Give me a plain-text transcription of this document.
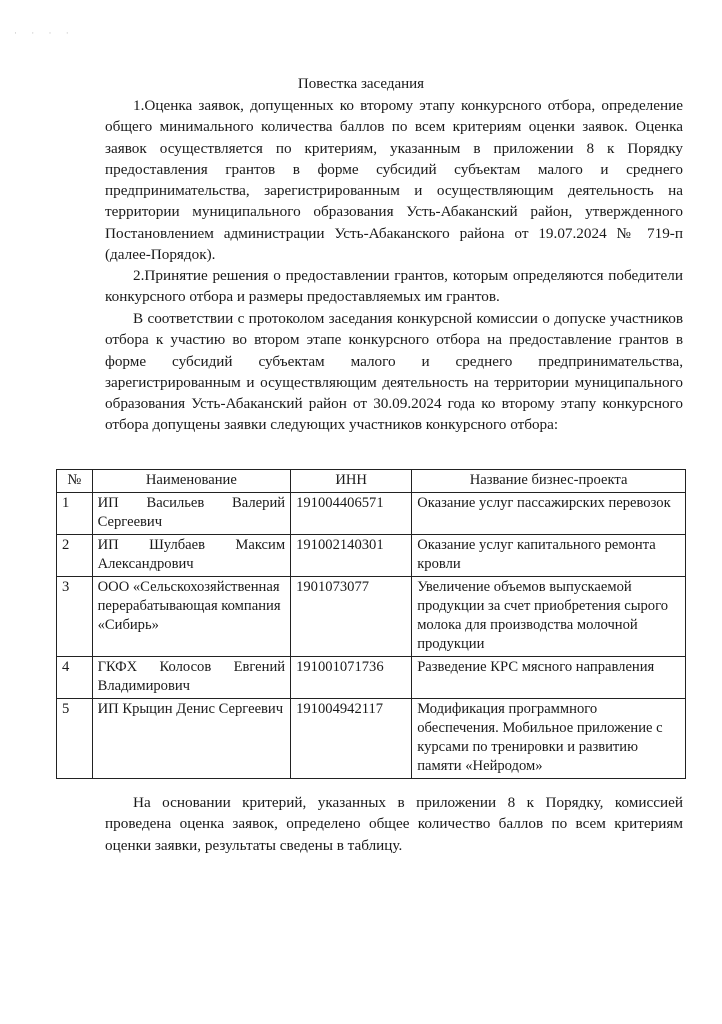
· · · ·
Повестка заседания

1.Оценка заявок, допущенных ко второму этапу конкурсного отбора, определение общего минимального количества баллов по всем критериям оценки заявок. Оценка заявок осуществляется по критериям, указанным в приложении 8 к Порядку предоставления грантов в форме субсидий субъектам малого и среднего предпринимательства, зарегистрированным и осуществляющим деятельность на территории муниципального образования Усть-Абаканский район, утвержденного Постановлением администрации Усть-Абаканского района от 19.07.2024 № 719-п (далее-Порядок).

2.Принятие решения о предоставлении грантов, которым определяются победители конкурсного отбора и размеры предоставляемых им грантов.

В соответствии с протоколом заседания конкурсной комиссии о допуске участников отбора к участию во втором этапе конкурсного отбора на предоставление грантов в форме субсидий субъектам малого и среднего предпринимательства, зарегистрированным и осуществляющим деятельность на территории муниципального образования Усть-Абаканский район от 30.09.2024 года ко второму этапу конкурсного отбора допущены заявки следующих участников конкурсного отбора:

№	Наименование	ИНН	Название бизнес-проекта
1	ИП Васильев Валерий Сергеевич	191004406571	Оказание услуг пассажирских перевозок
2	ИП Шулбаев Максим Александрович	191002140301	Оказание услуг капитального ремонта кровли
3	ООО «Сельскохозяйственная перерабатывающая компания «Сибирь»	1901073077	Увеличение объемов выпускаемой продукции за счет приобретения сырого молока для производства молочной продукции
4	ГКФХ Колосов Евгений Владимирович	191001071736	Разведение КРС мясного направления
5	ИП Крыцин Денис Сергеевич	191004942117	Модификация программного обеспечения. Мобильное приложение с курсами по тренировки и развитию памяти «Нейродом»

На основании критерий, указанных в приложении 8 к Порядку, комиссией проведена оценка заявок, определено общее количество баллов по всем критериям оценки заявки, результаты сведены в таблицу.
